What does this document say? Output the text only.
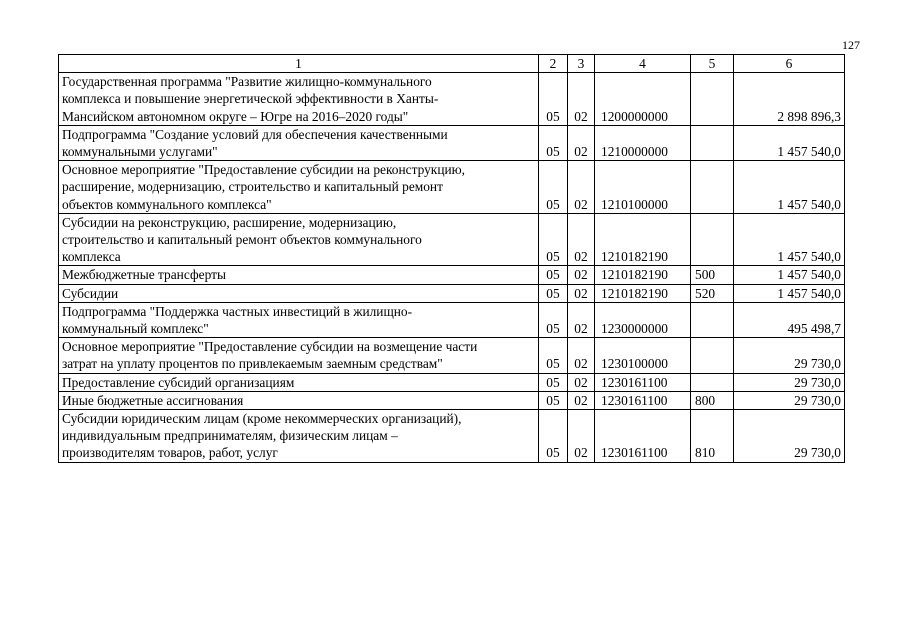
127
1	2	3	4	5	6
Государственная программа "Развитие жилищно-коммунального
комплекса и повышение энергетической эффективности в Ханты-
Мансийском автономном округе – Югре на 2016–2020 годы"	05	02	1200000000		2 898 896,3
Подпрограмма "Создание условий для обеспечения качественными
коммунальными услугами"	05	02	1210000000		1 457 540,0
Основное мероприятие "Предоставление субсидии на реконструкцию,
расширение, модернизацию, строительство и капитальный ремонт
объектов коммунального комплекса"	05	02	1210100000		1 457 540,0
Субсидии на реконструкцию, расширение, модернизацию,
строительство и капитальный ремонт объектов коммунального
комплекса	05	02	1210182190		1 457 540,0
Межбюджетные трансферты	05	02	1210182190	500	1 457 540,0
Субсидии	05	02	1210182190	520	1 457 540,0
Подпрограмма "Поддержка частных инвестиций в жилищно-
коммунальный комплекс"	05	02	1230000000		495 498,7
Основное мероприятие "Предоставление субсидии на возмещение части
затрат на уплату процентов по привлекаемым заемным средствам"	05	02	1230100000		29 730,0
Предоставление субсидий организациям	05	02	1230161100		29 730,0
Иные бюджетные ассигнования	05	02	1230161100	800	29 730,0
Субсидии юридическим лицам (кроме некоммерческих организаций),
индивидуальным предпринимателям, физическим лицам –
производителям товаров, работ, услуг	05	02	1230161100	810	29 730,0
